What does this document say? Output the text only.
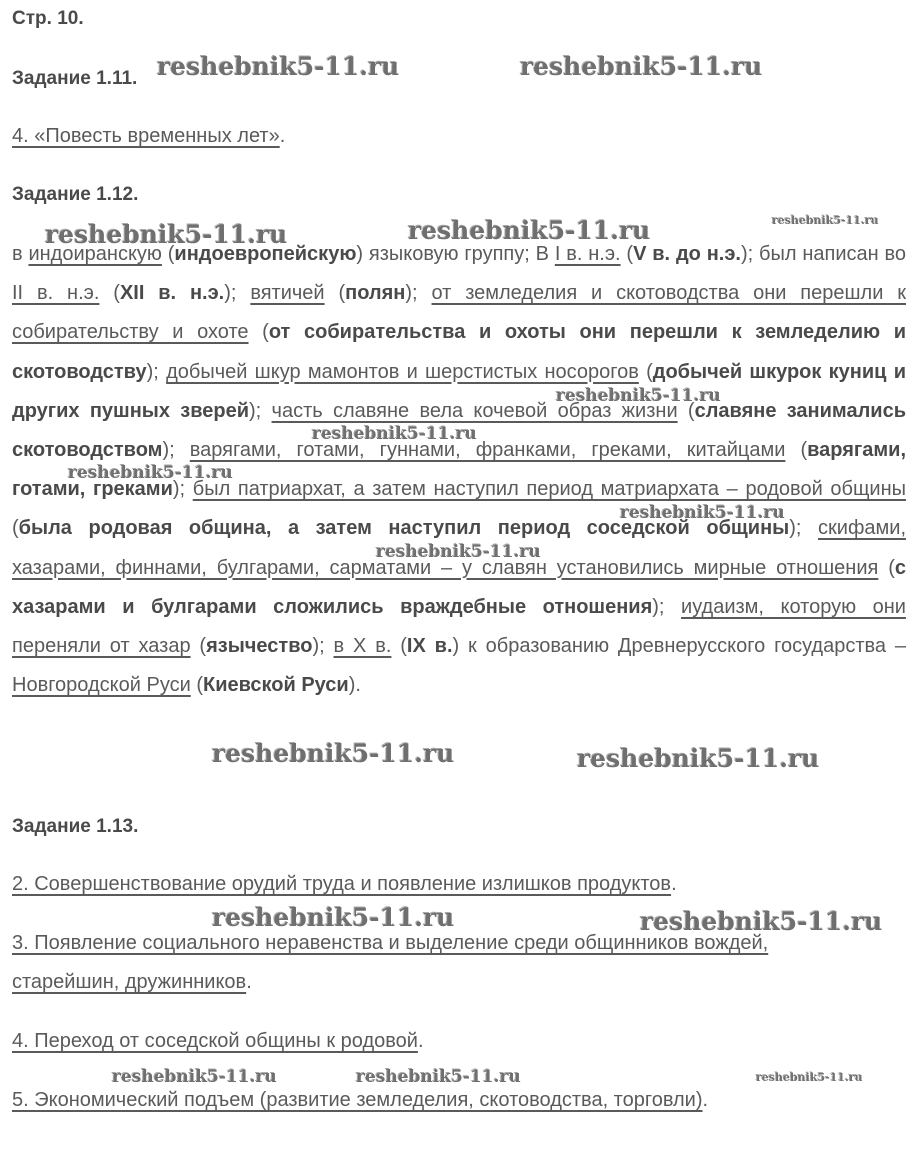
Стр. 10.
Задание 1.11.

4. «Повесть временных лет».

Задание 1.12.

в индоиранскую (индоевропейскую) языковую группу; В I в. н.э. (V в. до н.э.); был написан во II в. н.э. (XII в. н.э.); вятичей (полян); от земледелия и скотоводства они перешли к собирательству и охоте (от собирательства и охоты они перешли к земледелию и скотоводству); добычей шкур мамонтов и шерстистых носорогов (добычей шкурок куниц и других пушных зверей); часть славяне вела кочевой образ жизни (славяне занимались скотоводством); варягами, готами, гуннами, франками, греками, китайцами (варягами, готами, греками); был патриархат, а затем наступил период матриархата – родовой общины (была родовая община, а затем наступил период соседской общины); скифами, хазарами, финнами, булгарами, сарматами – у славян установились мирные отношения (с хазарами и булгарами сложились враждебные отношения); иудаизм, которую они переняли от хазар (язычество); в X в. (IX в.) к образованию Древнерусского государства – Новгородской Руси (Киевской Руси).

Задание 1.13.

2. Совершенствование орудий труда и появление излишков продуктов.

3. Появление социального неравенства и выделение среди общинников вождей,

старейшин, дружинников.

4. Переход от соседской общины к родовой.

5. Экономический подъем (развитие земледелия, скотоводства, торговли).

reshebnik5-11.ru	reshebnik5-11.ru
reshebnik5-11.ru	reshebnik5-11.ru	reshebnik5-11.ru
reshebnik5-11.ru
reshebnik5-11.ru
reshebnik5-11.ru
reshebnik5-11.ru
reshebnik5-11.ru
reshebnik5-11.ru	reshebnik5-11.ru
reshebnik5-11.ru	reshebnik5-11.ru
reshebnik5-11.ru	reshebnik5-11.ru	reshebnik5-11.ru
